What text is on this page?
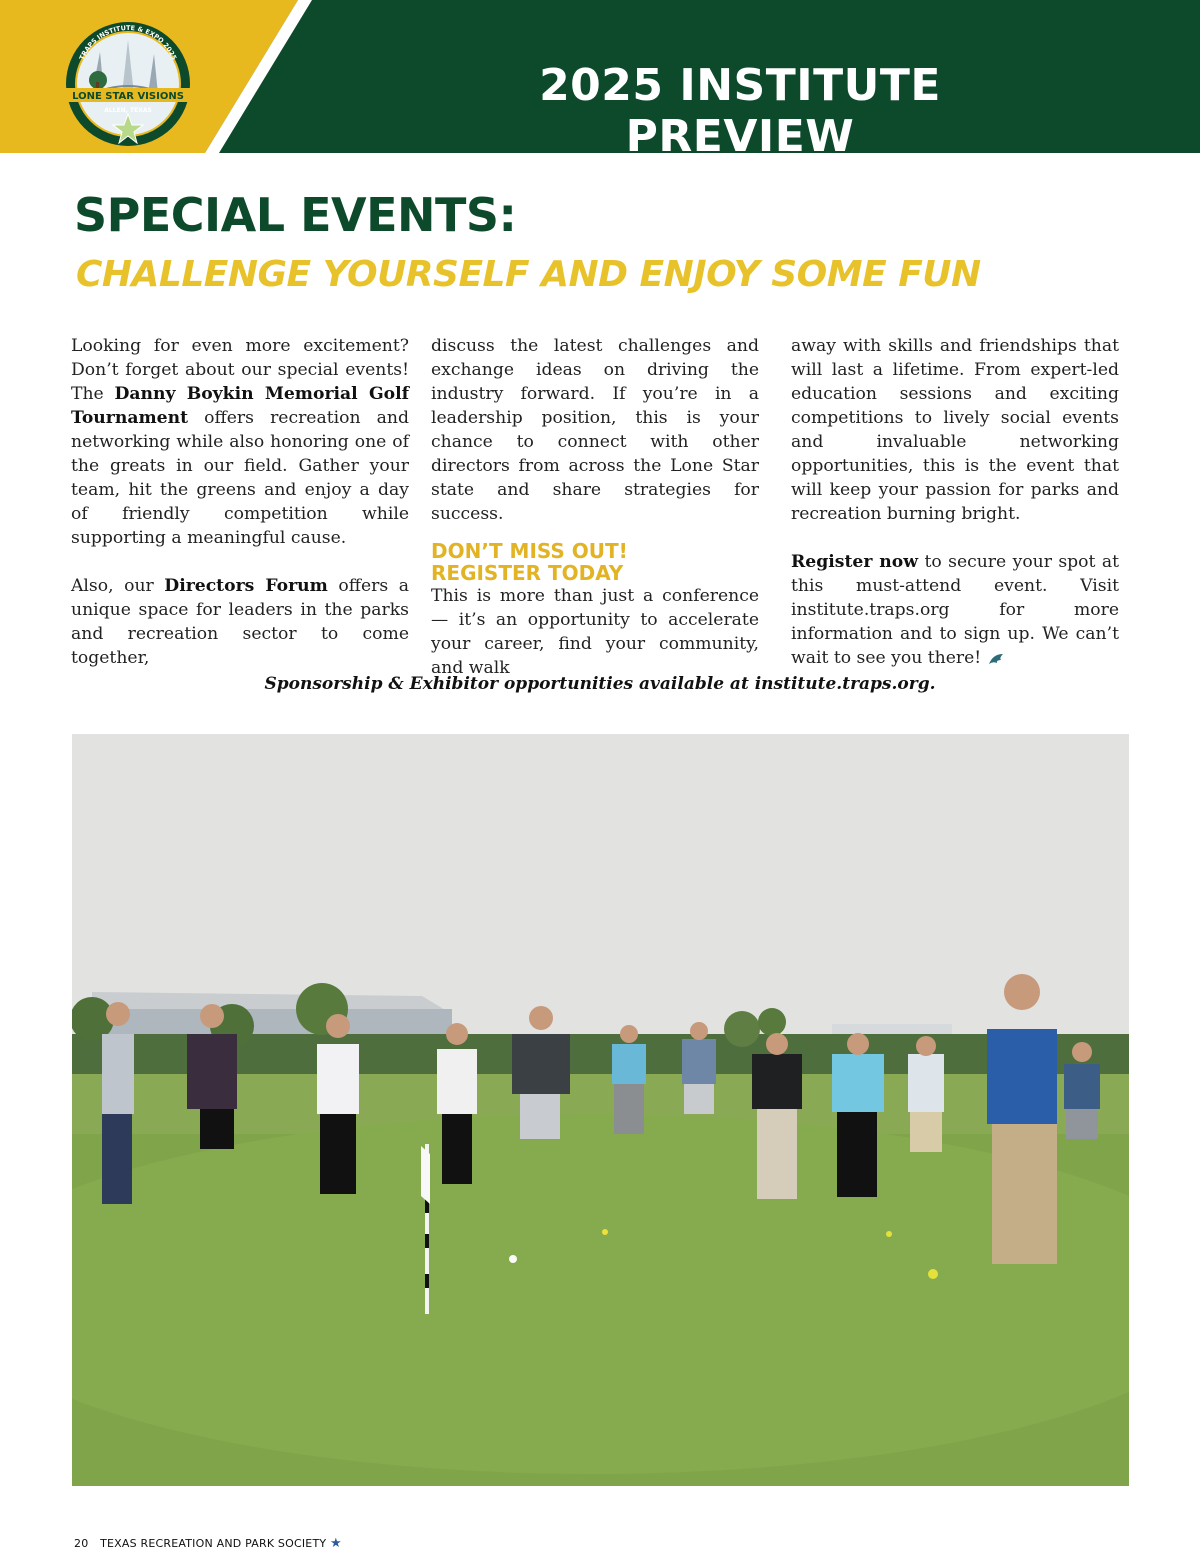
LONE STAR VISIONS
ALLEN, TEXAS
TRAPS INSTITUTE & EXPO 2025
2025 INSTITUTE PREVIEW
SPECIAL EVENTS:
CHALLENGE YOURSELF AND ENJOY SOME FUN

Looking for even more excitement? Don’t forget about our special events! The Danny Boykin Memorial Golf Tournament offers recreation and networking while also honoring one of the greats in our field. Gather your team, hit the greens and enjoy a day of friendly competition while supporting a meaningful cause.

Also, our Directors Forum offers a unique space for leaders in the parks and recreation sector to come together,

discuss the latest challenges and exchange ideas on driving the industry forward. If you’re in a leadership position, this is your chance to connect with other directors from across the Lone Star state and share strategies for success.

DON’T MISS OUT!
REGISTER TODAY

This is more than just a conference — it’s an opportunity to accelerate your career, find your community, and walk

away with skills and friendships that will last a lifetime. From expert-led education sessions and exciting competitions to lively social events and invaluable networking opportunities, this is the event that will keep your passion for parks and recreation burning bright.

Register now to secure your spot at this must-attend event. Visit institute.traps.org for more information and to sign up. We can’t wait to see you there!

Sponsorship & Exhibitor opportunities available at institute.traps.org.

20 TEXAS RECREATION AND PARK SOCIETY ★
